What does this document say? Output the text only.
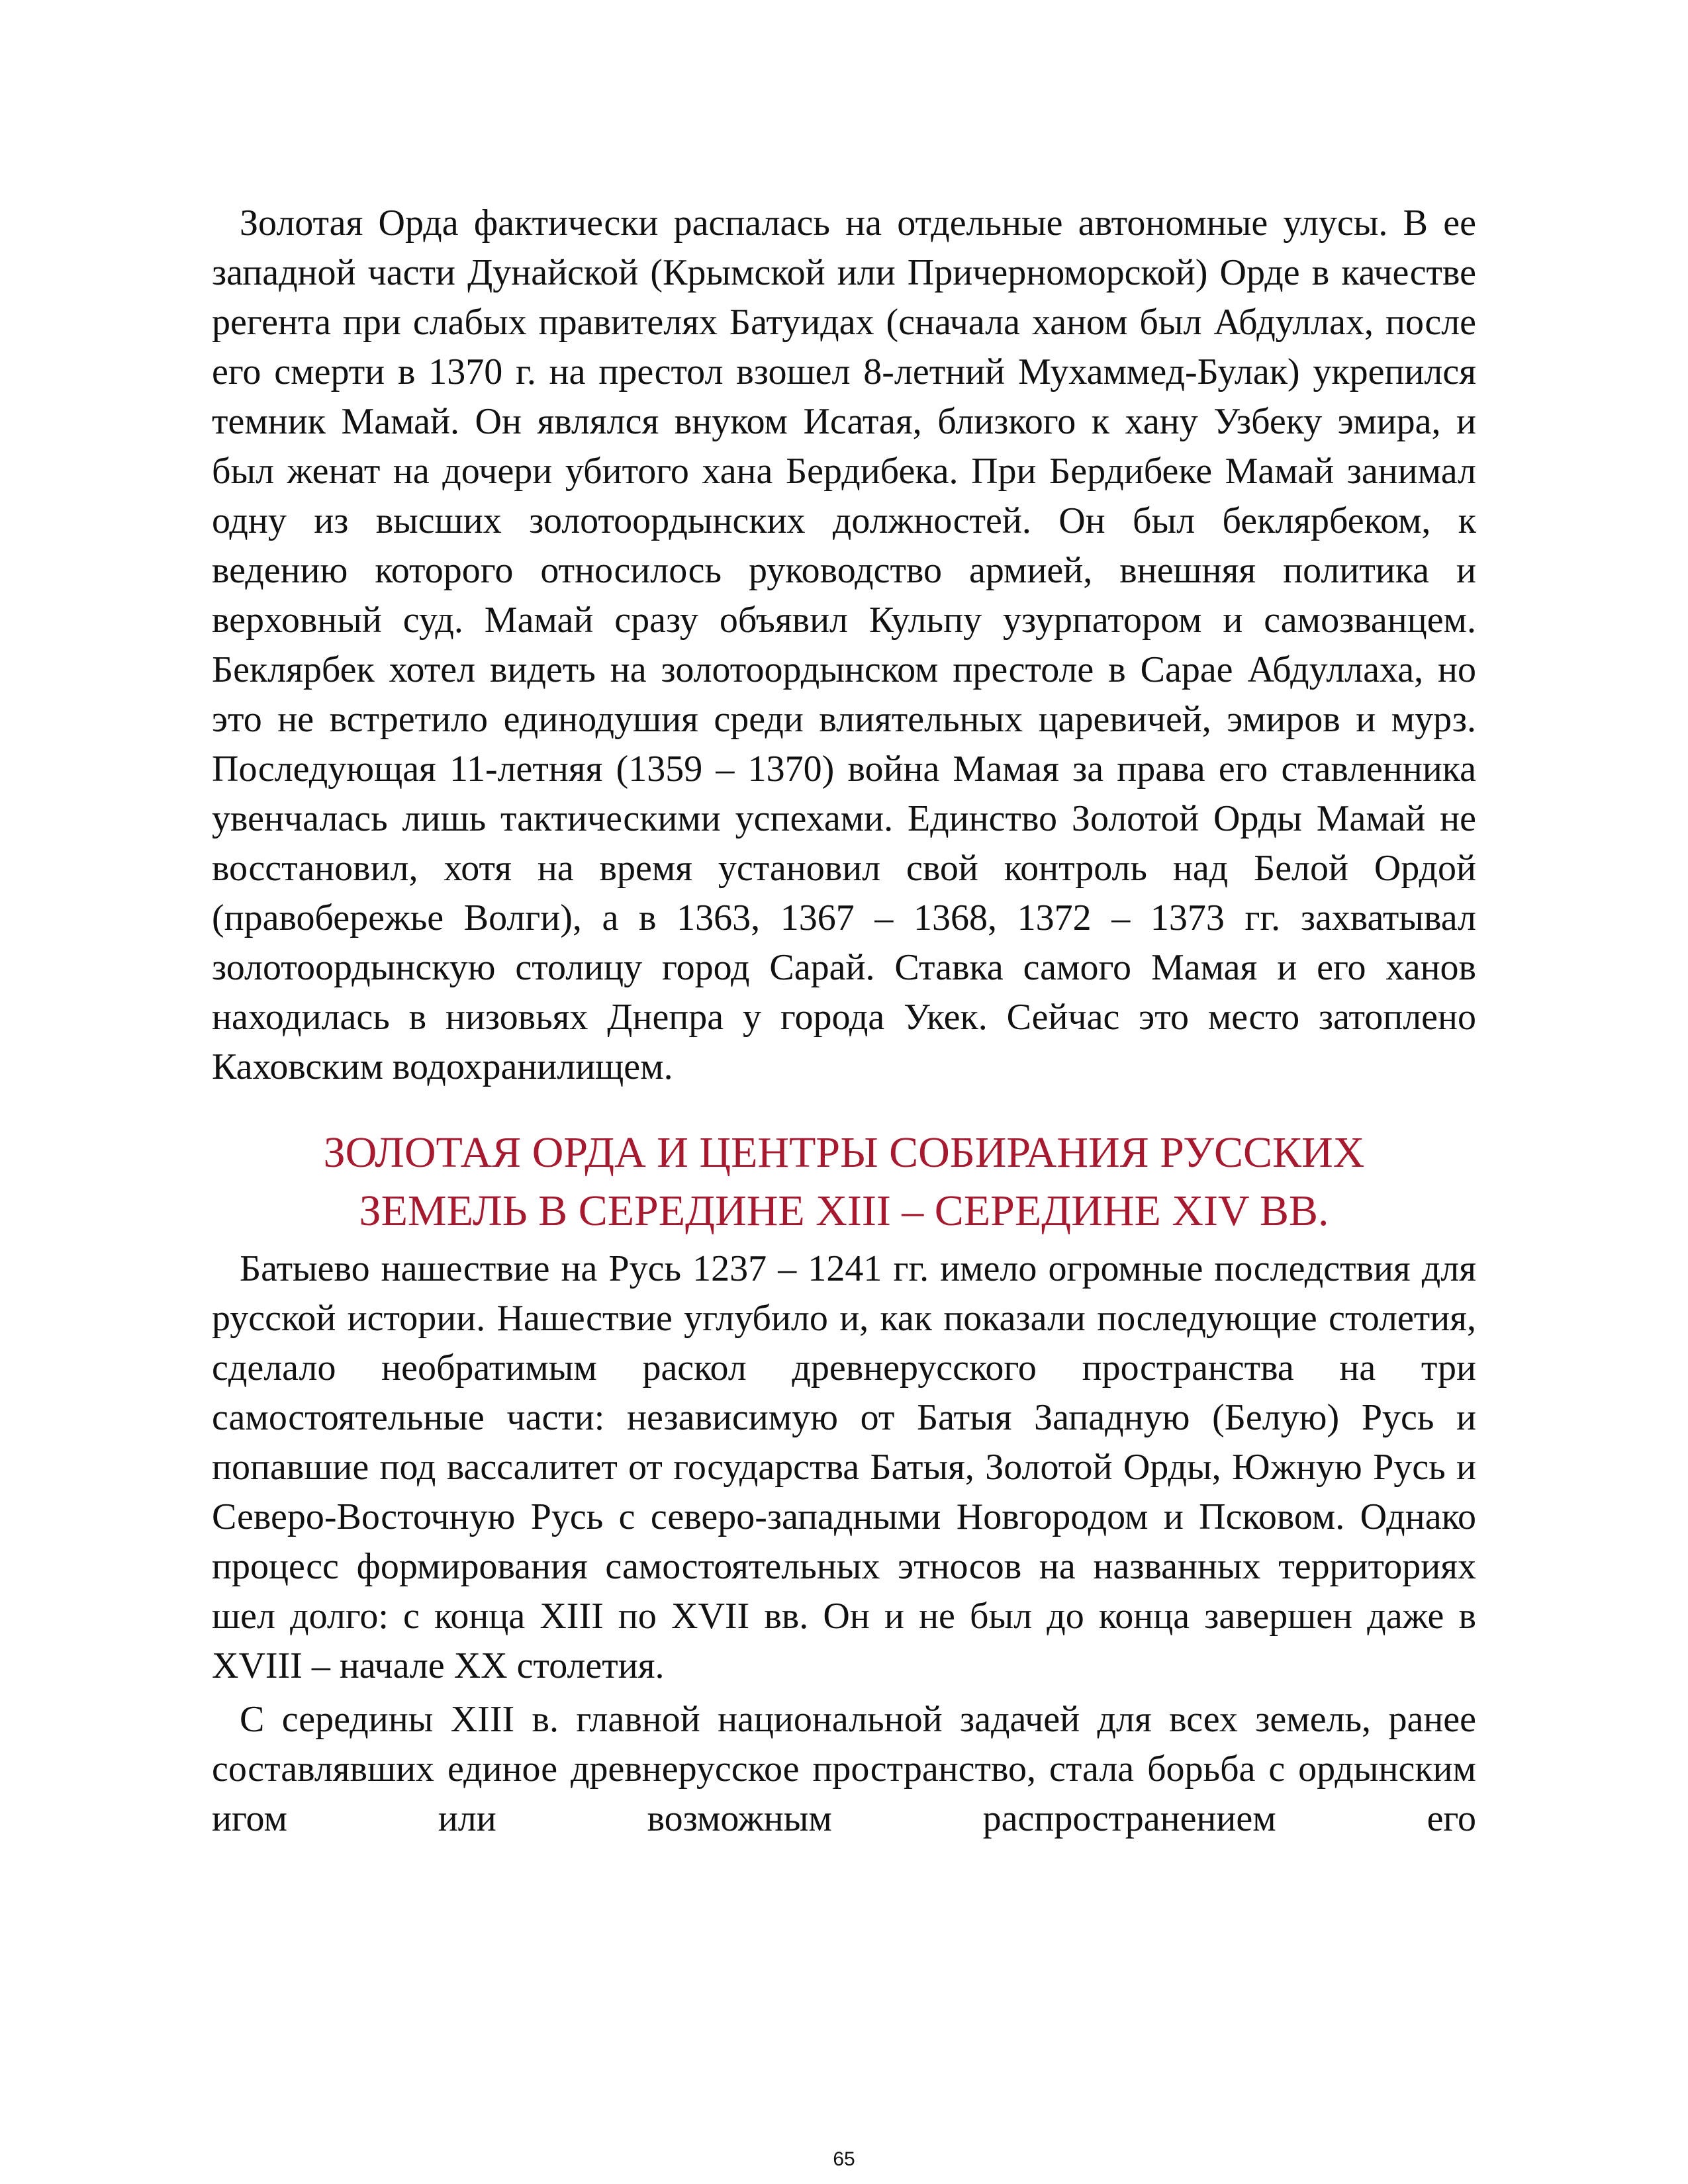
Золотая Орда фактически распалась на отдельные автономные улусы. В ее западной части Дунайской (Крымской или Причерноморской) Орде в качестве регента при слабых правителях Батуидах (сначала ханом был Абдуллах, после его смерти в 1370 г. на престол взошел 8-летний Мухаммед-Булак) укрепился темник Мамай. Он являлся внуком Исатая, близкого к хану Узбеку эмира, и был женат на дочери убитого хана Бердибека. При Бердибеке Мамай занимал одну из высших золотоордынских должностей. Он был беклярбеком, к ведению которого относилось руководство армией, внешняя политика и верховный суд. Мамай сразу объявил Кульпу узурпатором и самозванцем. Беклярбек хотел видеть на золотоордынском престоле в Сарае Абдуллаха, но это не встретило единодушия среди влиятельных царевичей, эмиров и мурз. Последующая 11-летняя (1359 – 1370) война Мамая за права его ставленника увенчалась лишь тактическими успехами. Единство Золотой Орды Мамай не восстановил, хотя на время установил свой контроль над Белой Ордой (правобережье Волги), а в 1363, 1367 – 1368, 1372 – 1373 гг. захватывал золотоордынскую столицу город Сарай. Ставка самого Мамая и его ханов находилась в низовьях Днепра у города Укек. Сейчас это место затоплено Каховским водохранилищем.

ЗОЛОТАЯ ОРДА И ЦЕНТРЫ СОБИРАНИЯ РУССКИХ
ЗЕМЕЛЬ В СЕРЕДИНЕ XIII – СЕРЕДИНЕ XIV ВВ.

Батыево нашествие на Русь 1237 – 1241 гг. имело огромные последствия для русской истории. Нашествие углубило и, как показали последующие столетия, сделало необратимым раскол древнерусского пространства на три самостоятельные части: независимую от Батыя Западную (Белую) Русь и попавшие под вассалитет от государства Батыя, Золотой Орды, Южную Русь и Северо-Восточную Русь с северо-западными Новгородом и Псковом. Однако процесс формирования самостоятельных этносов на названных территориях шел долго: с конца XIII по XVII вв. Он и не был до конца завершен даже в XVIII – начале XX столетия.

С середины XIII в. главной национальной задачей для всех земель, ранее составлявших единое древнерусское пространство, стала борьба с ордынским игом или возможным распространением его

65
